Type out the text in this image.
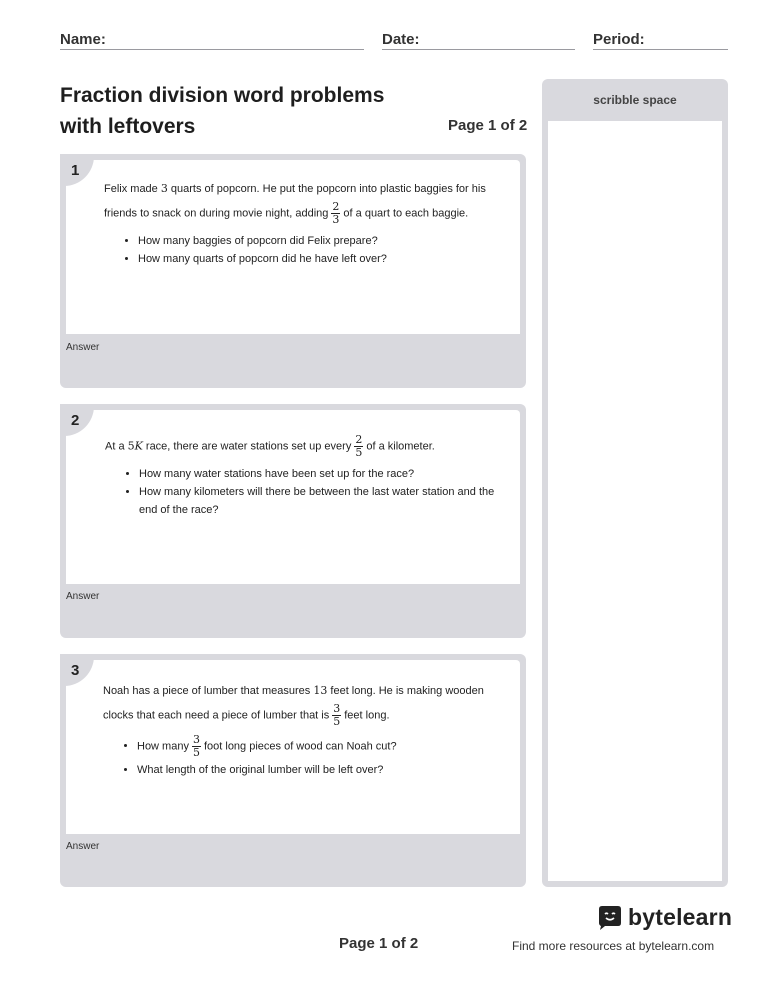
Name:	Date:	Period:
Fraction division word problems
with leftovers	Page 1 of 2
1

Felix made 3 quarts of popcorn. He put the popcorn into plastic baggies for his

friends to snack on during movie night, adding $\frac{2}{3}$ of a quart to each baggie.

• How many baggies of popcorn did Felix prepare?
• How many quarts of popcorn did he have left over?
Answer
2

At a 5K race, there are water stations set up every $\frac{2}{5}$ of a kilometer.

• How many water stations have been set up for the race?
• How many kilometers will there be between the last water station and the end of the race?
Answer
3

Noah has a piece of lumber that measures 13 feet long. He is making wooden

clocks that each need a piece of lumber that is $\frac{3}{5}$ feet long.

• How many $\frac{3}{5}$ foot long pieces of wood can Noah cut?
• What length of the original lumber will be left over?
Answer
scribble space
Page 1 of 2
bytelearn
Find more resources at bytelearn.com
